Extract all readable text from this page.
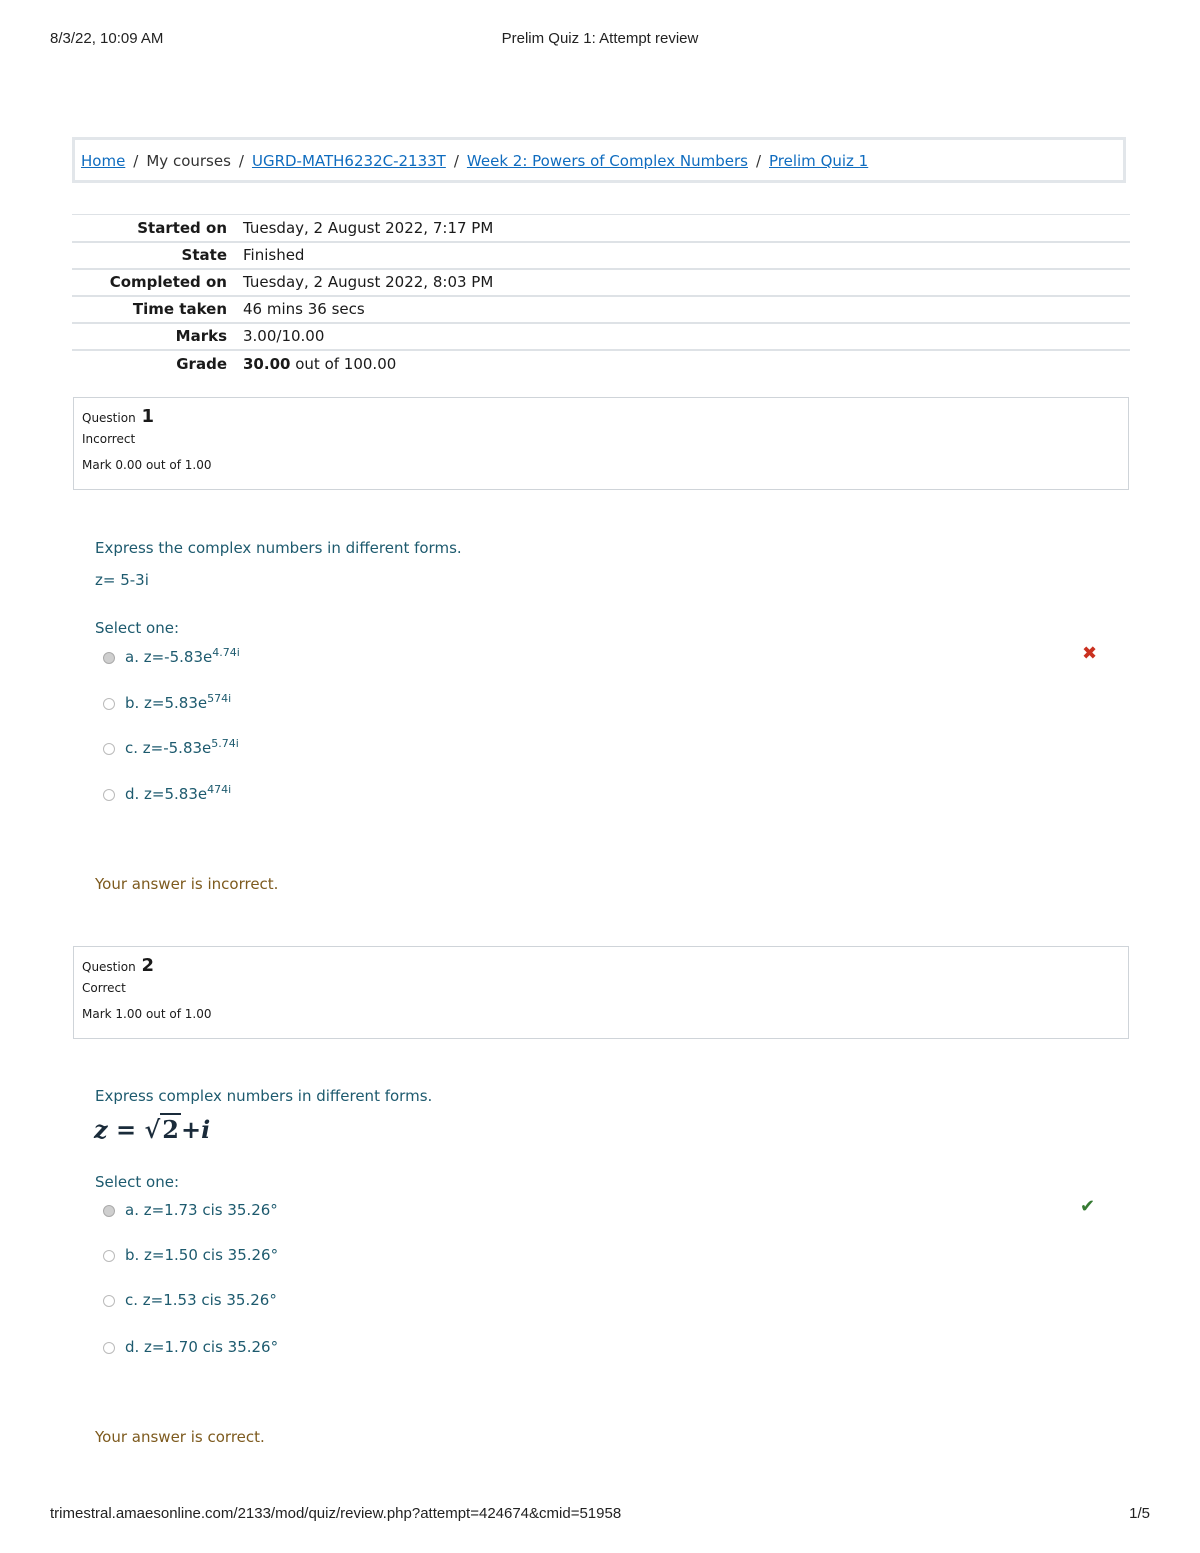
8/3/22, 10:09 AM	Prelim Quiz 1: Attempt review
Home / My courses / UGRD-MATH6232C-2133T / Week 2: Powers of Complex Numbers / Prelim Quiz 1
Started on	Tuesday, 2 August 2022, 7:17 PM
State	Finished
Completed on	Tuesday, 2 August 2022, 8:03 PM
Time taken	46 mins 36 secs
Marks	3.00/10.00
Grade	30.00 out of 100.00
Question 1
Incorrect
Mark 0.00 out of 1.00
Express the complex numbers in different forms.
z= 5-3i
Select one:
a. $z=-5.83e^{4.74i}$
b. $z=5.83e^{574i}$
c. $z=-5.83e^{5.74i}$
d. $z=5.83e^{474i}$
✖
Your answer is incorrect.
Question 2
Correct
Mark 1.00 out of 1.00
Express complex numbers in different forms.
z = √2+i
Select one:
a. z=1.73 cis 35.26°
b. z=1.50 cis 35.26°
c. z=1.53 cis 35.26°
d. z=1.70 cis 35.26°
✔
Your answer is correct.
trimestral.amaesonline.com/2133/mod/quiz/review.php?attempt=424674&cmid=51958	1/5
